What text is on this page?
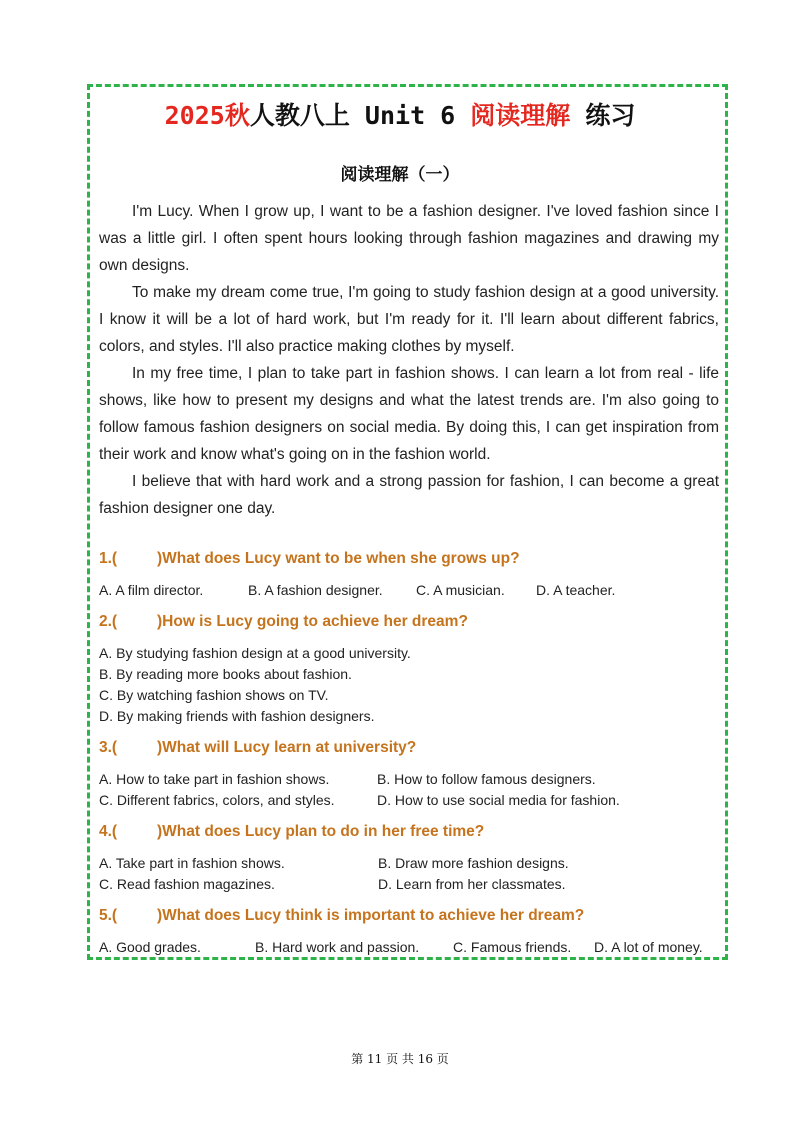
2025秋人教八上 Unit 6 阅读理解 练习
阅读理解（一）

I'm Lucy. When I grow up, I want to be a fashion designer. I've loved fashion since I was a little girl. I often spent hours looking through fashion magazines and drawing my own designs.

To make my dream come true, I'm going to study fashion design at a good university. I know it will be a lot of hard work, but I'm ready for it. I'll learn about different fabrics, colors, and styles. I'll also practice making clothes by myself.

In my free time, I plan to take part in fashion shows. I can learn a lot from real - life shows, like how to present my designs and what the latest trends are. I'm also going to follow famous fashion designers on social media. By doing this, I can get inspiration from their work and know what's going on in the fashion world.

I believe that with hard work and a strong passion for fashion, I can become a great fashion designer one day.

1.(	)What does Lucy want to be when she grows up?
A. A film director.	B. A fashion designer. C. A musician. D. A teacher.
2.(	)How is Lucy going to achieve her dream?
A. By studying fashion design at a good university.
B. By reading more books about fashion.
C. By watching fashion shows on TV.
D. By making friends with fashion designers.
3.(	)What will Lucy learn at university?
A. How to take part in fashion shows.	B. How to follow famous designers.
C. Different fabrics, colors, and styles.	D. How to use social media for fashion.
4.(	)What does Lucy plan to do in her free time?
A. Take part in fashion shows.	B. Draw more fashion designs.
C. Read fashion magazines.	D. Learn from her classmates.
5.(	)What does Lucy think is important to achieve her dream?
A. Good grades.	B. Hard work and passion. C. Famous friends. D. A lot of money.
第 11 页 共 16 页
